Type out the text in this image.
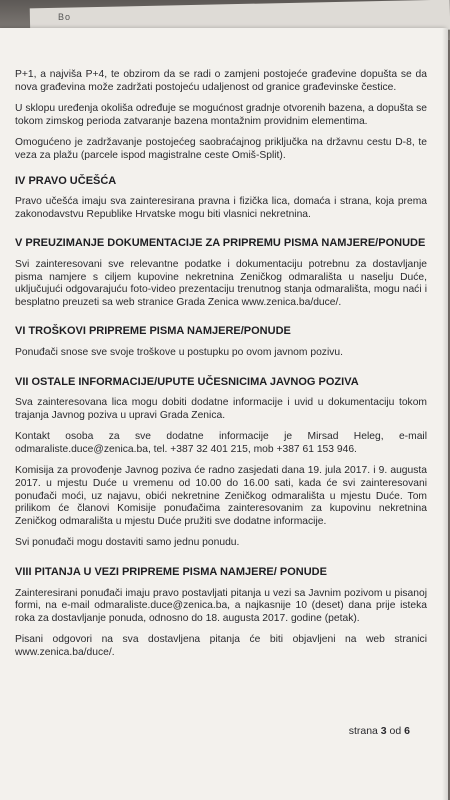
Bo

P+1, a najviša P+4, te obzirom da se radi o zamjeni postojeće građevine dopušta se da nova građevina može zadržati postojeću udaljenost od granice građevinske čestice.

U sklopu uređenja okoliša određuje se mogućnost gradnje otvorenih bazena, a dopušta se tokom zimskog perioda zatvaranje bazena montažnim providnim elementima.

Omogućeno je zadržavanje postojećeg saobraćajnog priključka na državnu cestu D-8, te veza za plažu (parcele ispod magistralne ceste Omiš-Split).

IV PRAVO UČEŠĆA

Pravo učešća imaju sva zainteresirana pravna i fizička lica, domaća i strana, koja prema zakonodavstvu Republike Hrvatske mogu biti vlasnici nekretnina.

V PREUZIMANJE DOKUMENTACIJE ZA PRIPREMU PISMA NAMJERE/PONUDE

Svi zainteresovani sve relevantne podatke i dokumentaciju potrebnu za dostavljanje pisma namjere s ciljem kupovine nekretnina Zeničkog odmarališta u naselju Duće, uključujući odgovarajuću foto-video prezentaciju trenutnog stanja odmarališta, mogu naći i besplatno preuzeti sa web stranice Grada Zenica www.zenica.ba/duce/.

VI TROŠKOVI PRIPREME PISMA NAMJERE/PONUDE

Ponuđači snose sve svoje troškove u postupku po ovom javnom pozivu.

VII OSTALE INFORMACIJE/UPUTE UČESNICIMA JAVNOG POZIVA

Sva zainteresovana lica mogu dobiti dodatne informacije i uvid u dokumentaciju tokom trajanja Javnog poziva u upravi Grada Zenica.

Kontakt osoba za sve dodatne informacije je Mirsad Heleg, e-mail odmaraliste.duce@zenica.ba, tel. +387 32 401 215, mob +387 61 153 946.

Komisija za provođenje Javnog poziva će radno zasjedati dana 19. jula 2017. i 9. augusta 2017. u mjestu Duće u vremenu od 10.00 do 16.00 sati, kada će svi zainteresovani ponuđači moći, uz najavu, obići nekretnine Zeničkog odmarališta u mjestu Duće. Tom prilikom će članovi Komisije ponuđačima zainteresovanim za kupovinu nekretnina Zeničkog odmarališta u mjestu Duće pružiti sve dodatne informacije.

Svi ponuđači mogu dostaviti samo jednu ponudu.

VIII PITANJA U VEZI PRIPREME PISMA NAMJERE/ PONUDE

Zainteresirani ponuđači imaju pravo postavljati pitanja u vezi sa Javnim pozivom u pisanoj formi, na e-mail odmaraliste.duce@zenica.ba, a najkasnije 10 (deset) dana prije isteka roka za dostavljanje ponuda, odnosno do 18. augusta 2017. godine (petak).

Pisani odgovori na sva dostavljena pitanja će biti objavljeni na web stranici www.zenica.ba/duce/.

strana 3 od 6
